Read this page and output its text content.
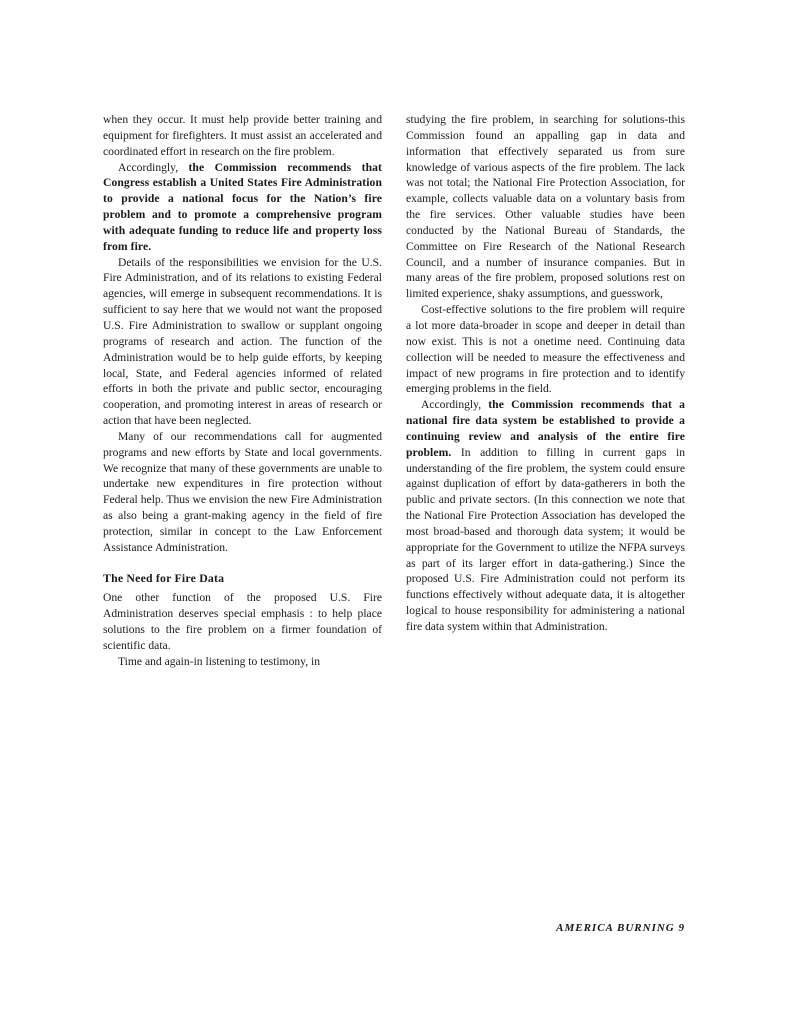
when they occur. It must help provide better training and equipment for firefighters. It must assist an accelerated and coordinated effort in research on the fire problem.

Accordingly, the Commission recommends that Congress establish a United States Fire Administration to provide a national focus for the Nation’s fire problem and to promote a comprehensive program with adequate funding to reduce life and property loss from fire.

Details of the responsibilities we envision for the U.S. Fire Administration, and of its relations to existing Federal agencies, will emerge in subsequent recommendations. It is sufficient to say here that we would not want the proposed U.S. Fire Administration to swallow or supplant ongoing programs of research and action. The function of the Administration would be to help guide efforts, by keeping local, State, and Federal agencies informed of related efforts in both the private and public sector, encouraging cooperation, and promoting interest in areas of research or action that have been neglected.

Many of our recommendations call for augmented programs and new efforts by State and local governments. We recognize that many of these governments are unable to undertake new expenditures in fire protection without Federal help. Thus we envision the new Fire Administration as also being a grant-making agency in the field of fire protection, similar in concept to the Law Enforcement Assistance Administration.

The Need for Fire Data

One other function of the proposed U.S. Fire Administration deserves special emphasis : to help place solutions to the fire problem on a firmer foundation of scientific data.

Time and again-in listening to testimony, in

studying the fire problem, in searching for solutions-this Commission found an appalling gap in data and information that effectively separated us from sure knowledge of various aspects of the fire problem. The lack was not total; the National Fire Protection Association, for example, collects valuable data on a voluntary basis from the fire services. Other valuable studies have been conducted by the National Bureau of Standards, the Committee on Fire Research of the National Research Council, and a number of insurance companies. But in many areas of the fire problem, proposed solutions rest on limited experience, shaky assumptions, and guesswork,

Cost-effective solutions to the fire problem will require a lot more data-broader in scope and deeper in detail than now exist. This is not a onetime need. Continuing data collection will be needed to measure the effectiveness and impact of new programs in fire protection and to identify emerging problems in the field.

Accordingly, the Commission recommends that a national fire data system be established to provide a continuing review and analysis of the entire fire problem. In addition to filling in current gaps in understanding of the fire problem, the system could ensure against duplication of effort by data-gatherers in both the public and private sectors. (In this connection we note that the National Fire Protection Association has developed the most broad-based and thorough data system; it would be appropriate for the Government to utilize the NFPA surveys as part of its larger effort in data-gathering.) Since the proposed U.S. Fire Administration could not perform its functions effectively without adequate data, it is altogether logical to house responsibility for administering a national fire data system within that Administration.

AMERICA BURNING 9
